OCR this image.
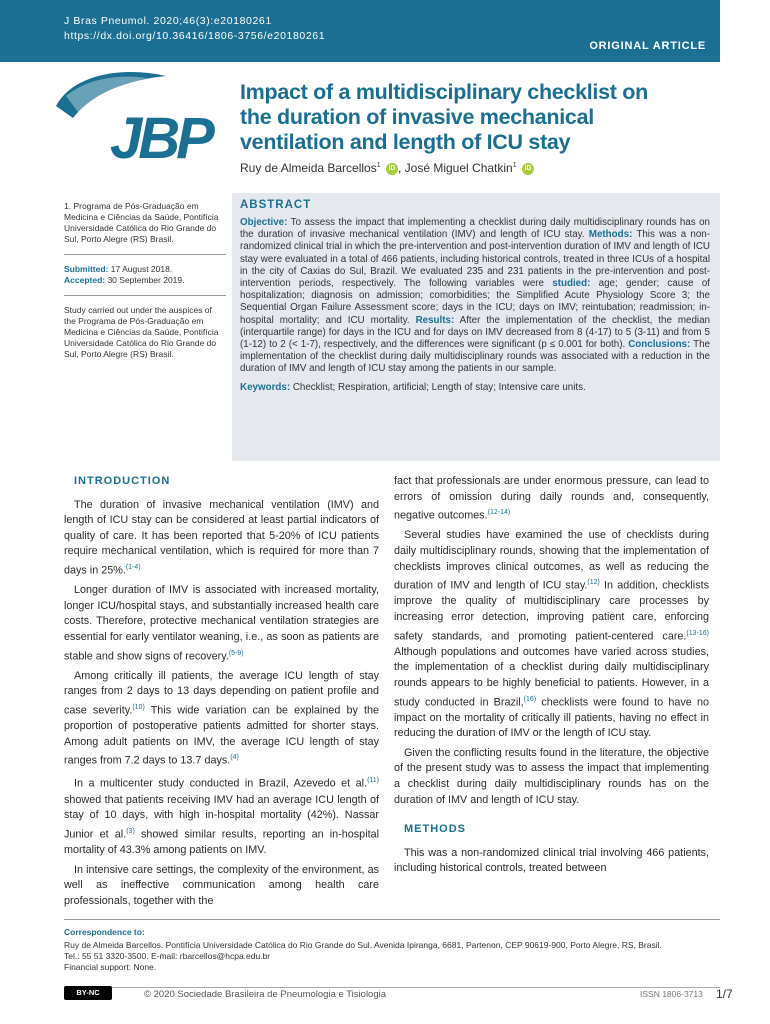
J Bras Pneumol. 2020;46(3):e20180261
https://dx.doi.org/10.36416/1806-3756/e20180261
ORIGINAL ARTICLE
JBP
Impact of a multidisciplinary checklist on the duration of invasive mechanical ventilation and length of ICU stay
Ruy de Almeida Barcellos$^1$ iD , José Miguel Chatkin$^1$ iD

1. Programa de Pós-Graduação em Medicina e Ciências da Saúde, Pontifícia Universidade Católica do Rio Grande do Sul, Porto Alegre (RS) Brasil.

Submitted: 17 August 2018.
Accepted: 30 September 2019.

Study carried out under the auspices of the Programa de Pós-Graduação em Medicina e Ciências da Saúde, Pontifícia Universidade Católica do Rio Grande do Sul, Porto Alegre (RS) Brasil.

ABSTRACT

Objective: To assess the impact that implementing a checklist during daily multidisciplinary rounds has on the duration of invasive mechanical ventilation (IMV) and length of ICU stay. Methods: This was a non-randomized clinical trial in which the pre-intervention and post-intervention duration of IMV and length of ICU stay were evaluated in a total of 466 patients, including historical controls, treated in three ICUs of a hospital in the city of Caxias do Sul, Brazil. We evaluated 235 and 231 patients in the pre-intervention and post-intervention periods, respectively. The following variables were studied: age; gender; cause of hospitalization; diagnosis on admission; comorbidities; the Simplified Acute Physiology Score 3; the Sequential Organ Failure Assessment score; days in the ICU; days on IMV; reintubation; readmission; in-hospital mortality; and ICU mortality. Results: After the implementation of the checklist, the median (interquartile range) for days in the ICU and for days on IMV decreased from 8 (4-17) to 5 (3-11) and from 5 (1-12) to 2 (< 1-7), respectively, and the differences were significant (p ≤ 0.001 for both). Conclusions: The implementation of the checklist during daily multidisciplinary rounds was associated with a reduction in the duration of IMV and length of ICU stay among the patients in our sample.

Keywords: Checklist; Respiration, artificial; Length of stay; Intensive care units.

INTRODUCTION

The duration of invasive mechanical ventilation (IMV) and length of ICU stay can be considered at least partial indicators of quality of care. It has been reported that 5-20% of ICU patients require mechanical ventilation, which is required for more than 7 days in 25%.$^{(1-4)}$

Longer duration of IMV is associated with increased mortality, longer ICU/hospital stays, and substantially increased health care costs. Therefore, protective mechanical ventilation strategies are essential for early ventilator weaning, i.e., as soon as patients are stable and show signs of recovery.$^{(5-9)}$

Among critically ill patients, the average ICU length of stay ranges from 2 days to 13 days depending on patient profile and case severity.$^{(10)}$ This wide variation can be explained by the proportion of postoperative patients admitted for shorter stays. Among adult patients on IMV, the average ICU length of stay ranges from 7.2 days to 13.7 days.$^{(4)}$

In a multicenter study conducted in Brazil, Azevedo et al.$^{(11)}$ showed that patients receiving IMV had an average ICU length of stay of 10 days, with high in-hospital mortality (42%). Nassar Junior et al.$^{(3)}$ showed similar results, reporting an in-hospital mortality of 43.3% among patients on IMV.

In intensive care settings, the complexity of the environment, as well as ineffective communication among health care professionals, together with the

fact that professionals are under enormous pressure, can lead to errors of omission during daily rounds and, consequently, negative outcomes.$^{(12-14)}$

Several studies have examined the use of checklists during daily multidisciplinary rounds, showing that the implementation of checklists improves clinical outcomes, as well as reducing the duration of IMV and length of ICU stay.$^{(12)}$ In addition, checklists improve the quality of multidisciplinary care processes by increasing error detection, improving patient care, enforcing safety standards, and promoting patient-centered care.$^{(13-16)}$ Although populations and outcomes have varied across studies, the implementation of a checklist during daily multidisciplinary rounds appears to be highly beneficial to patients. However, in a study conducted in Brazil,$^{(16)}$ checklists were found to have no impact on the mortality of critically ill patients, having no effect in reducing the duration of IMV or the length of ICU stay.

Given the conflicting results found in the literature, the objective of the present study was to assess the impact that implementing a checklist during daily multidisciplinary rounds has on the duration of IMV and length of ICU stay.

METHODS

This was a non-randomized clinical trial involving 466 patients, including historical controls, treated between

Correspondence to:
Ruy de Almeida Barcellos. Pontifícia Universidade Católica do Rio Grande do Sul, Avenida Ipiranga, 6681, Partenon, CEP 90619-900, Porto Alegre, RS, Brasil.
Tel.: 55 51 3320-3500. E-mail: rbarcellos@hcpa.edu.br
Financial support: None.
BY-NC	© 2020 Sociedade Brasileira de Pneumologia e Tisiologia	ISSN 1806-3713 1/7
